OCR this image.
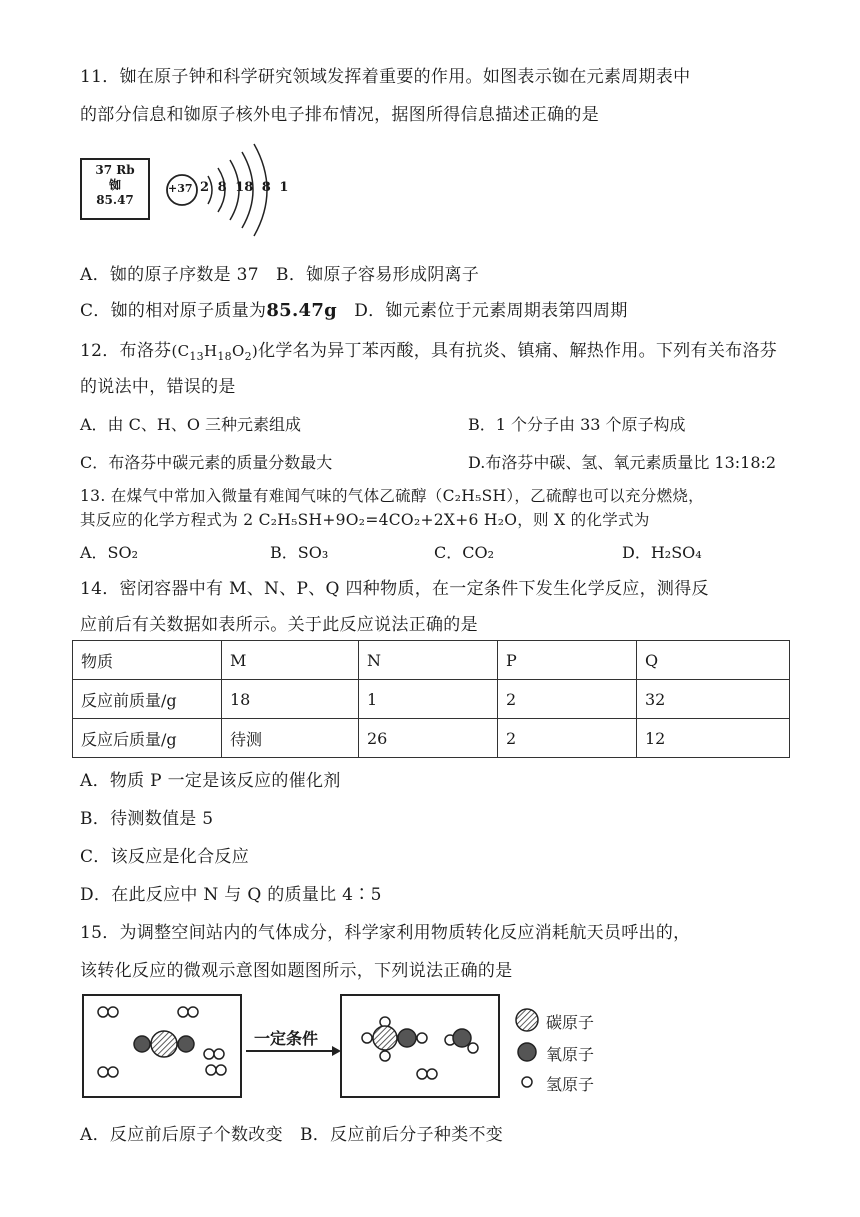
11．铷在原子钟和科学研究领域发挥着重要的作用。如图表示铷在元素周期表中
的部分信息和铷原子核外电子排布情况，据图所得信息描述正确的是
37 Rb
铷
85.47
+37 2 8 18 8 1
A．铷的原子序数是 37 B．铷原子容易形成阴离子
C．铷的相对原子质量为85.47g D．铷元素位于元素周期表第四周期
12．布洛芬$(C_{13}H_{18}O_2)$化学名为异丁苯丙酸，具有抗炎、镇痛、解热作用。下列有关布洛芬
的说法中，错误的是
A．由 C、H、O 三种元素组成	B．1 个分子由 33 个原子构成
C．布洛芬中碳元素的质量分数最大	D.布洛芬中碳、氢、氧元素质量比 13:18:2
13. 在煤气中常加入微量有难闻气味的气体乙硫醇（C₂H₅SH），乙硫醇也可以充分燃烧，
其反应的化学方程式为 2 C₂H₅SH+9O₂=4CO₂+2X+6 H₂O，则 X 的化学式为
A．SO₂	B．SO₃	C．CO₂	D．H₂SO₄
14．密闭容器中有 M、N、P、Q 四种物质，在一定条件下发生化学反应，测得反
应前后有关数据如表所示。关于此反应说法正确的是
物质	M	N	P	Q
反应前质量/g	18	1	2	32
反应后质量/g	待测	26	2	12
A．物质 P 一定是该反应的催化剂
B．待测数值是 5
C．该反应是化合反应
D．在此反应中 N 与 Q 的质量比 4∶5
15．为调整空间站内的气体成分，科学家利用物质转化反应消耗航天员呼出的，
该转化反应的微观示意图如题图所示，下列说法正确的是
一定条件
碳原子
氧原子
氢原子
A．反应前后原子个数改变 B．反应前后分子种类不变
